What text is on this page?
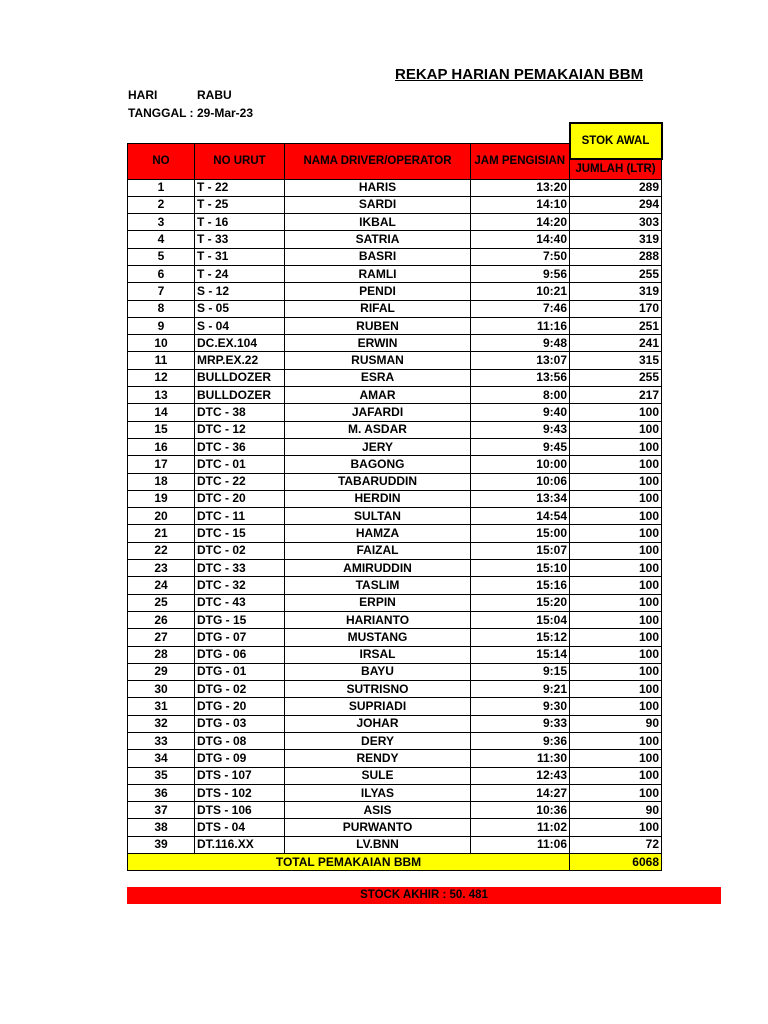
REKAP HARIAN PEMAKAIAN BBM
HARI	RABU
TANGGAL : 29-Mar-23
				STOK AWAL
NO	NO URUT	NAMA DRIVER/OPERATOR	JAM PENGISIAN	
				JUMLAH (LTR)
1	T - 22	HARIS	13:20	289
2	T - 25	SARDI	14:10	294
3	T - 16	IKBAL	14:20	303
4	T - 33	SATRIA	14:40	319
5	T - 31	BASRI	7:50	288
6	T - 24	RAMLI	9:56	255
7	S - 12	PENDI	10:21	319
8	S - 05	RIFAL	7:46	170
9	S - 04	RUBEN	11:16	251
10	DC.EX.104	ERWIN	9:48	241
11	MRP.EX.22	RUSMAN	13:07	315
12	BULLDOZER	ESRA	13:56	255
13	BULLDOZER	AMAR	8:00	217
14	DTC - 38	JAFARDI	9:40	100
15	DTC - 12	M. ASDAR	9:43	100
16	DTC - 36	JERY	9:45	100
17	DTC - 01	BAGONG	10:00	100
18	DTC - 22	TABARUDDIN	10:06	100
19	DTC - 20	HERDIN	13:34	100
20	DTC - 11	SULTAN	14:54	100
21	DTC - 15	HAMZA	15:00	100
22	DTC - 02	FAIZAL	15:07	100
23	DTC - 33	AMIRUDDIN	15:10	100
24	DTC - 32	TASLIM	15:16	100
25	DTC - 43	ERPIN	15:20	100
26	DTG - 15	HARIANTO	15:04	100
27	DTG - 07	MUSTANG	15:12	100
28	DTG - 06	IRSAL	15:14	100
29	DTG - 01	BAYU	9:15	100
30	DTG - 02	SUTRISNO	9:21	100
31	DTG - 20	SUPRIADI	9:30	100
32	DTG - 03	JOHAR	9:33	90
33	DTG - 08	DERY	9:36	100
34	DTG - 09	RENDY	11:30	100
35	DTS - 107	SULE	12:43	100
36	DTS - 102	ILYAS	14:27	100
37	DTS - 106	ASIS	10:36	90
38	DTS - 04	PURWANTO	11:02	100
39	DT.116.XX	LV.BNN	11:06	72
TOTAL PEMAKAIAN BBM				6068
STOCK AKHIR : 50. 481
